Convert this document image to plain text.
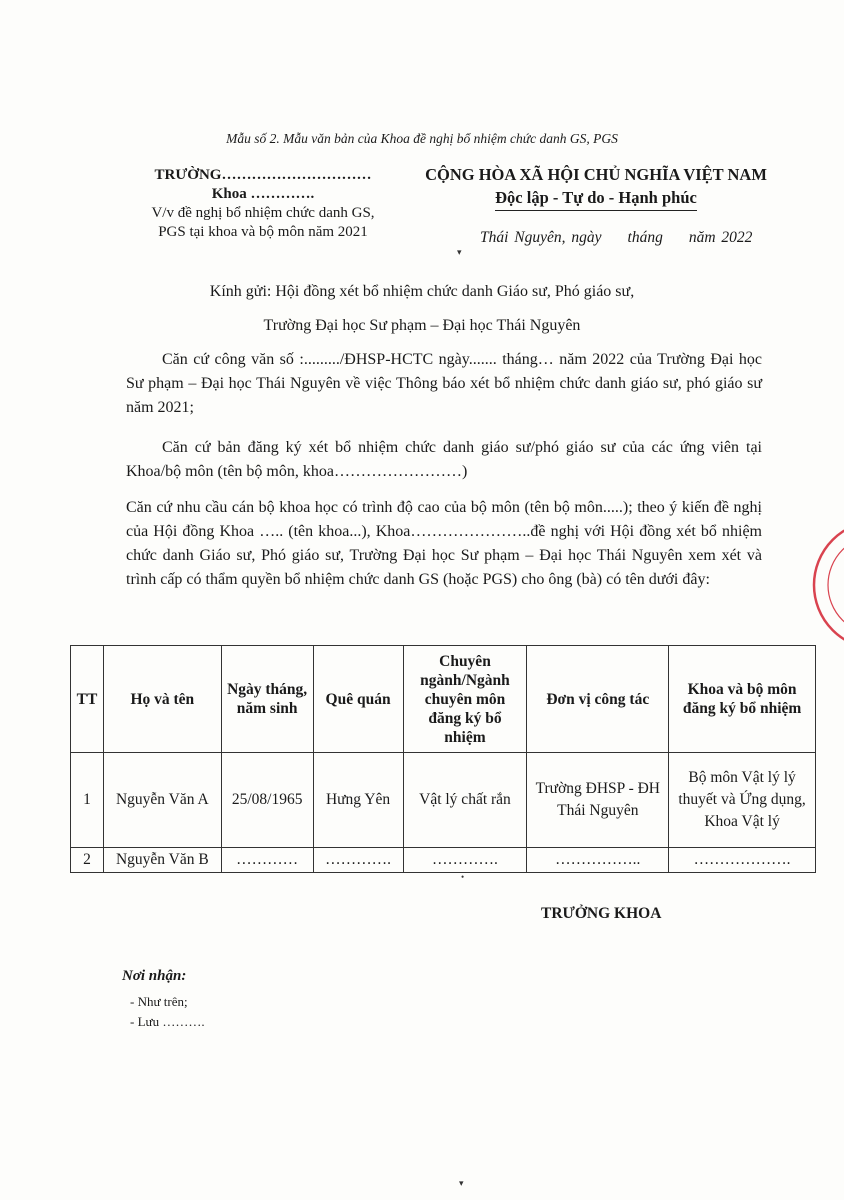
Mẫu số 2. Mẫu văn bản của Khoa đề nghị bổ nhiệm chức danh GS, PGS
TRƯỜNG…………………………
Khoa ………….
V/v đề nghị bổ nhiệm chức danh GS,
PGS tại khoa và bộ môn năm 2021
CỘNG HÒA XÃ HỘI CHỦ NGHĨA VIỆT NAM
Độc lập - Tự do - Hạnh phúc
Thái Nguyên, ngày tháng năm 2022
▾
Kính gửi: Hội đồng xét bổ nhiệm chức danh Giáo sư, Phó giáo sư,
Trường Đại học Sư phạm – Đại học Thái Nguyên
Căn cứ công văn số :........./ĐHSP-HCTC ngày....... tháng… năm 2022 của Trường Đại học Sư phạm – Đại học Thái Nguyên về việc Thông báo xét bổ nhiệm chức danh giáo sư, phó giáo sư năm 2021;
Căn cứ bản đăng ký xét bổ nhiệm chức danh giáo sư/phó giáo sư của các ứng viên tại Khoa/bộ môn (tên bộ môn, khoa……………………)
Căn cứ nhu cầu cán bộ khoa học có trình độ cao của bộ môn (tên bộ môn.....); theo ý kiến đề nghị của Hội đồng Khoa ….. (tên khoa...), Khoa…………………..đề nghị với Hội đồng xét bổ nhiệm chức danh Giáo sư, Phó giáo sư, Trường Đại học Sư phạm – Đại học Thái Nguyên xem xét và trình cấp có thẩm quyền bổ nhiệm chức danh GS (hoặc PGS) cho ông (bà) có tên dưới đây:
TT	Họ và tên	Ngày tháng, năm sinh	Quê quán	Chuyên ngành/Ngành chuyên môn đăng ký bổ nhiệm	Đơn vị công tác	Khoa và bộ môn đăng ký bổ nhiệm
1	Nguyễn Văn A	25/08/1965	Hưng Yên	Vật lý chất rắn	Trường ĐHSP - ĐH Thái Nguyên	Bộ môn Vật lý lý thuyết và Ứng dụng, Khoa Vật lý
2	Nguyễn Văn B	…………	………….	………….	……………..	……………….
•
TRƯỞNG KHOA
Nơi nhận:
- Như trên;
- Lưu ……….
▾
